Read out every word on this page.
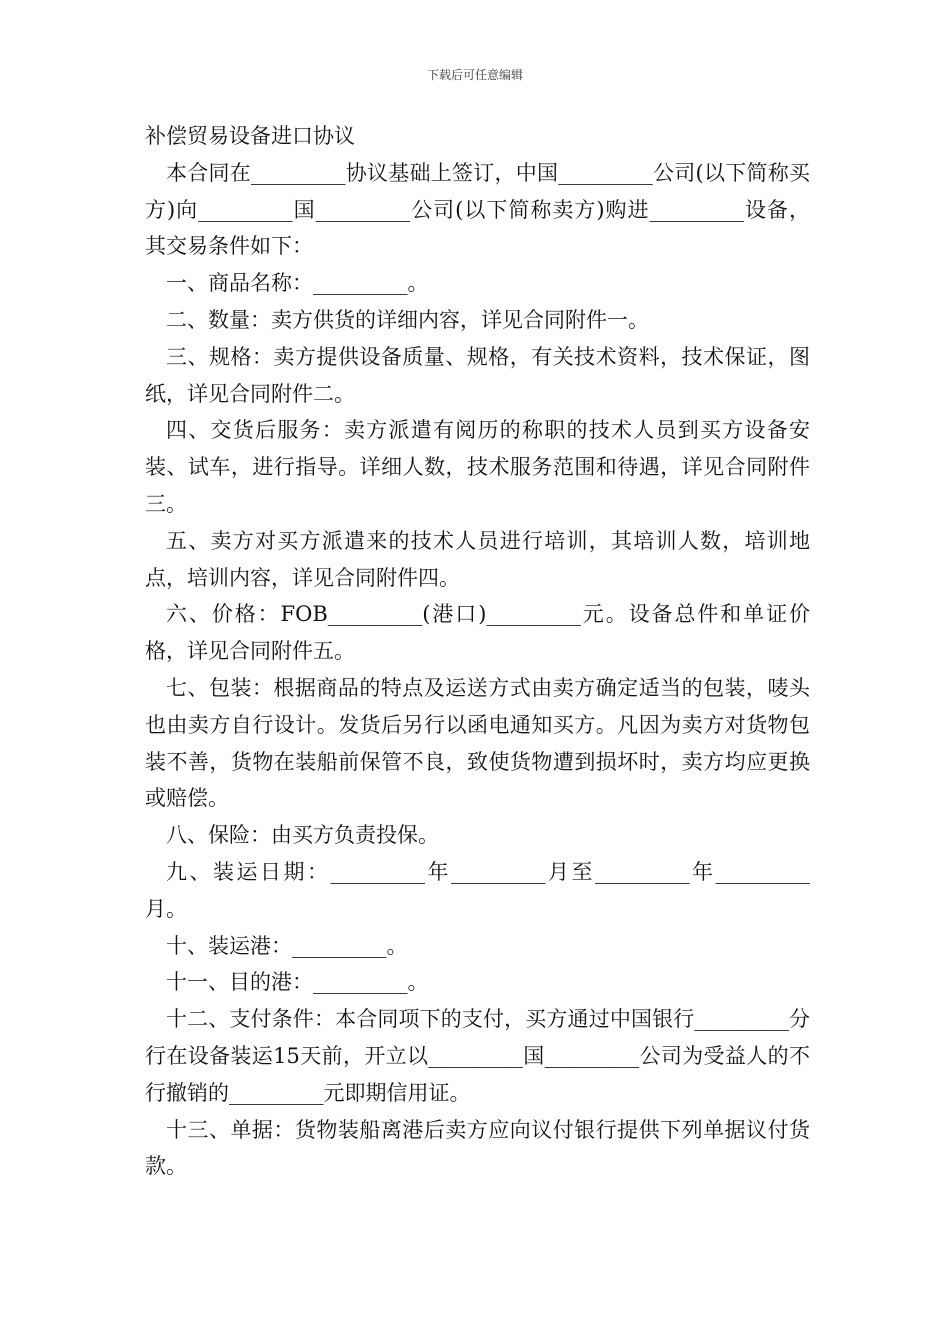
下载后可任意编辑

补偿贸易设备进口协议

本合同在_________协议基础上签订，中国_________公司(以下简称买方)向_________国_________公司(以下简称卖方)购进_________设备，其交易条件如下：

一、商品名称：_________。

二、数量：卖方供货的详细内容，详见合同附件一。

三、规格：卖方提供设备质量、规格，有关技术资料，技术保证，图纸，详见合同附件二。

四、交货后服务：卖方派遣有阅历的称职的技术人员到买方设备安装、试车，进行指导。详细人数，技术服务范围和待遇，详见合同附件三。

五、卖方对买方派遣来的技术人员进行培训，其培训人数，培训地点，培训内容，详见合同附件四。

六、价格：FOB_________(港口)_________元。设备总件和单证价格，详见合同附件五。

七、包装：根据商品的特点及运送方式由卖方确定适当的包装，唛头也由卖方自行设计。发货后另行以函电通知买方。凡因为卖方对货物包装不善，货物在装船前保管不良，致使货物遭到损坏时，卖方均应更换或赔偿。

八、保险：由买方负责投保。

九、装运日期：_________年_________月至_________年_________月。

十、装运港：_________。

十一、目的港：_________。

十二、支付条件：本合同项下的支付，买方通过中国银行_________分行在设备装运15天前，开立以_________国_________公司为受益人的不行撤销的_________元即期信用证。

十三、单据：货物装船离港后卖方应向议付银行提供下列单据议付货款。
